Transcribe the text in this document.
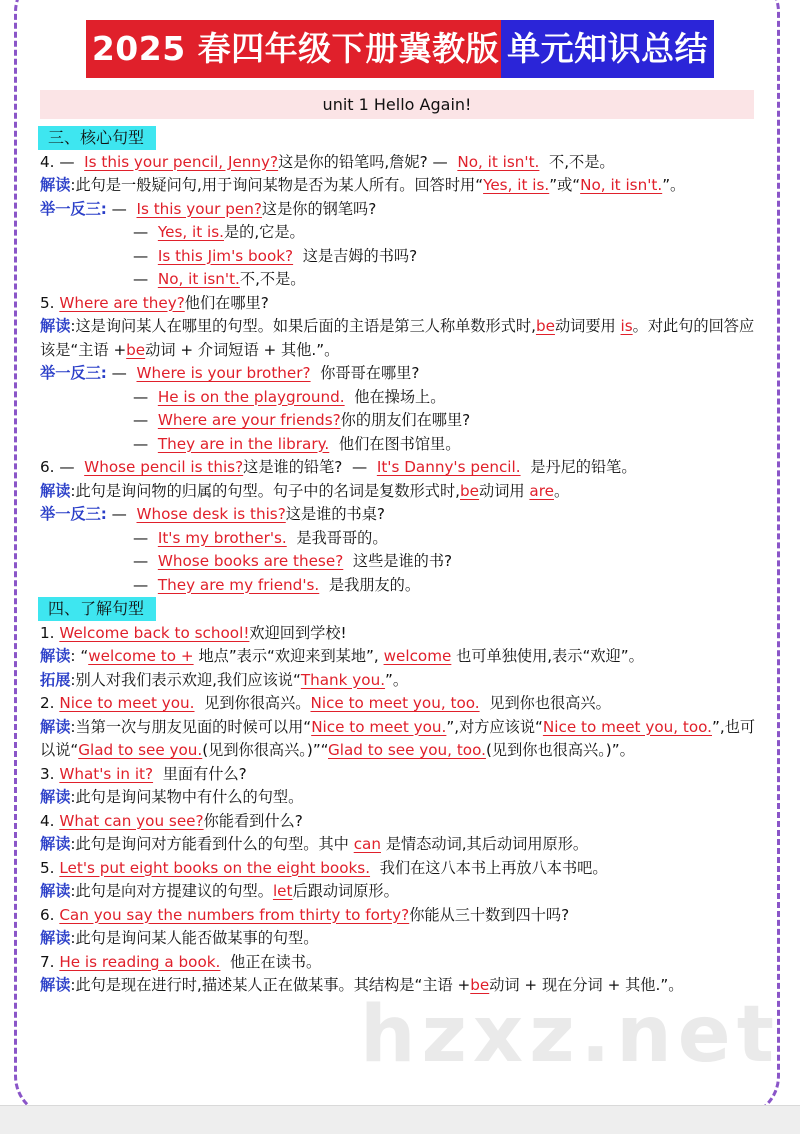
2025 春四年级下册冀教版 单元知识总结
unit 1 Hello Again!
三、核心句型
4. — Is this your pencil, Jenny?这是你的铅笔吗,詹妮? — No, it isn't. 不,不是。
解读:此句是一般疑问句,用于询问某物是否为某人所有。回答时用“Yes, it is.”或“No, it isn't.”。
举一反三: — Is this your pen?这是你的钢笔吗?
— Yes, it is.是的,它是。
— Is this Jim's book? 这是吉姆的书吗?
— No, it isn't.不,不是。
5. Where are they?他们在哪里?
解读:这是询问某人在哪里的句型。如果后面的主语是第三人称单数形式时,be动词要用 is。对此句的回答应该是“主语 +be动词 + 介词短语 + 其他.”。
举一反三: — Where is your brother? 你哥哥在哪里?
— He is on the playground. 他在操场上。
— Where are your friends?你的朋友们在哪里?
— They are in the library. 他们在图书馆里。
6. — Whose pencil is this?这是谁的铅笔? — It's Danny's pencil. 是丹尼的铅笔。
解读:此句是询问物的归属的句型。句子中的名词是复数形式时,be动词用 are。
举一反三: — Whose desk is this?这是谁的书桌?
— It's my brother's. 是我哥哥的。
— Whose books are these? 这些是谁的书?
— They are my friend's. 是我朋友的。
四、了解句型
1. Welcome back to school!欢迎回到学校!
解读: “welcome to + 地点”表示“欢迎来到某地”, welcome 也可单独使用,表示“欢迎”。
拓展:别人对我们表示欢迎,我们应该说“Thank you.”。
2. Nice to meet you. 见到你很高兴。Nice to meet you, too. 见到你也很高兴。
解读:当第一次与朋友见面的时候可以用“Nice to meet you.”,对方应该说“Nice to meet you, too.”,也可以说“Glad to see you.(见到你很高兴。)”“Glad to see you, too.(见到你也很高兴。)”。
3. What's in it? 里面有什么?
解读:此句是询问某物中有什么的句型。
4. What can you see?你能看到什么?
解读:此句是询问对方能看到什么的句型。其中 can 是情态动词,其后动词用原形。
5. Let's put eight books on the eight books. 我们在这八本书上再放八本书吧。
解读:此句是向对方提建议的句型。let后跟动词原形。
6. Can you say the numbers from thirty to forty?你能从三十数到四十吗?
解读:此句是询问某人能否做某事的句型。
7. He is reading a book. 他正在读书。
解读:此句是现在进行时,描述某人正在做某事。其结构是“主语 +be动词 + 现在分词 + 其他.”。
hzxz.net
